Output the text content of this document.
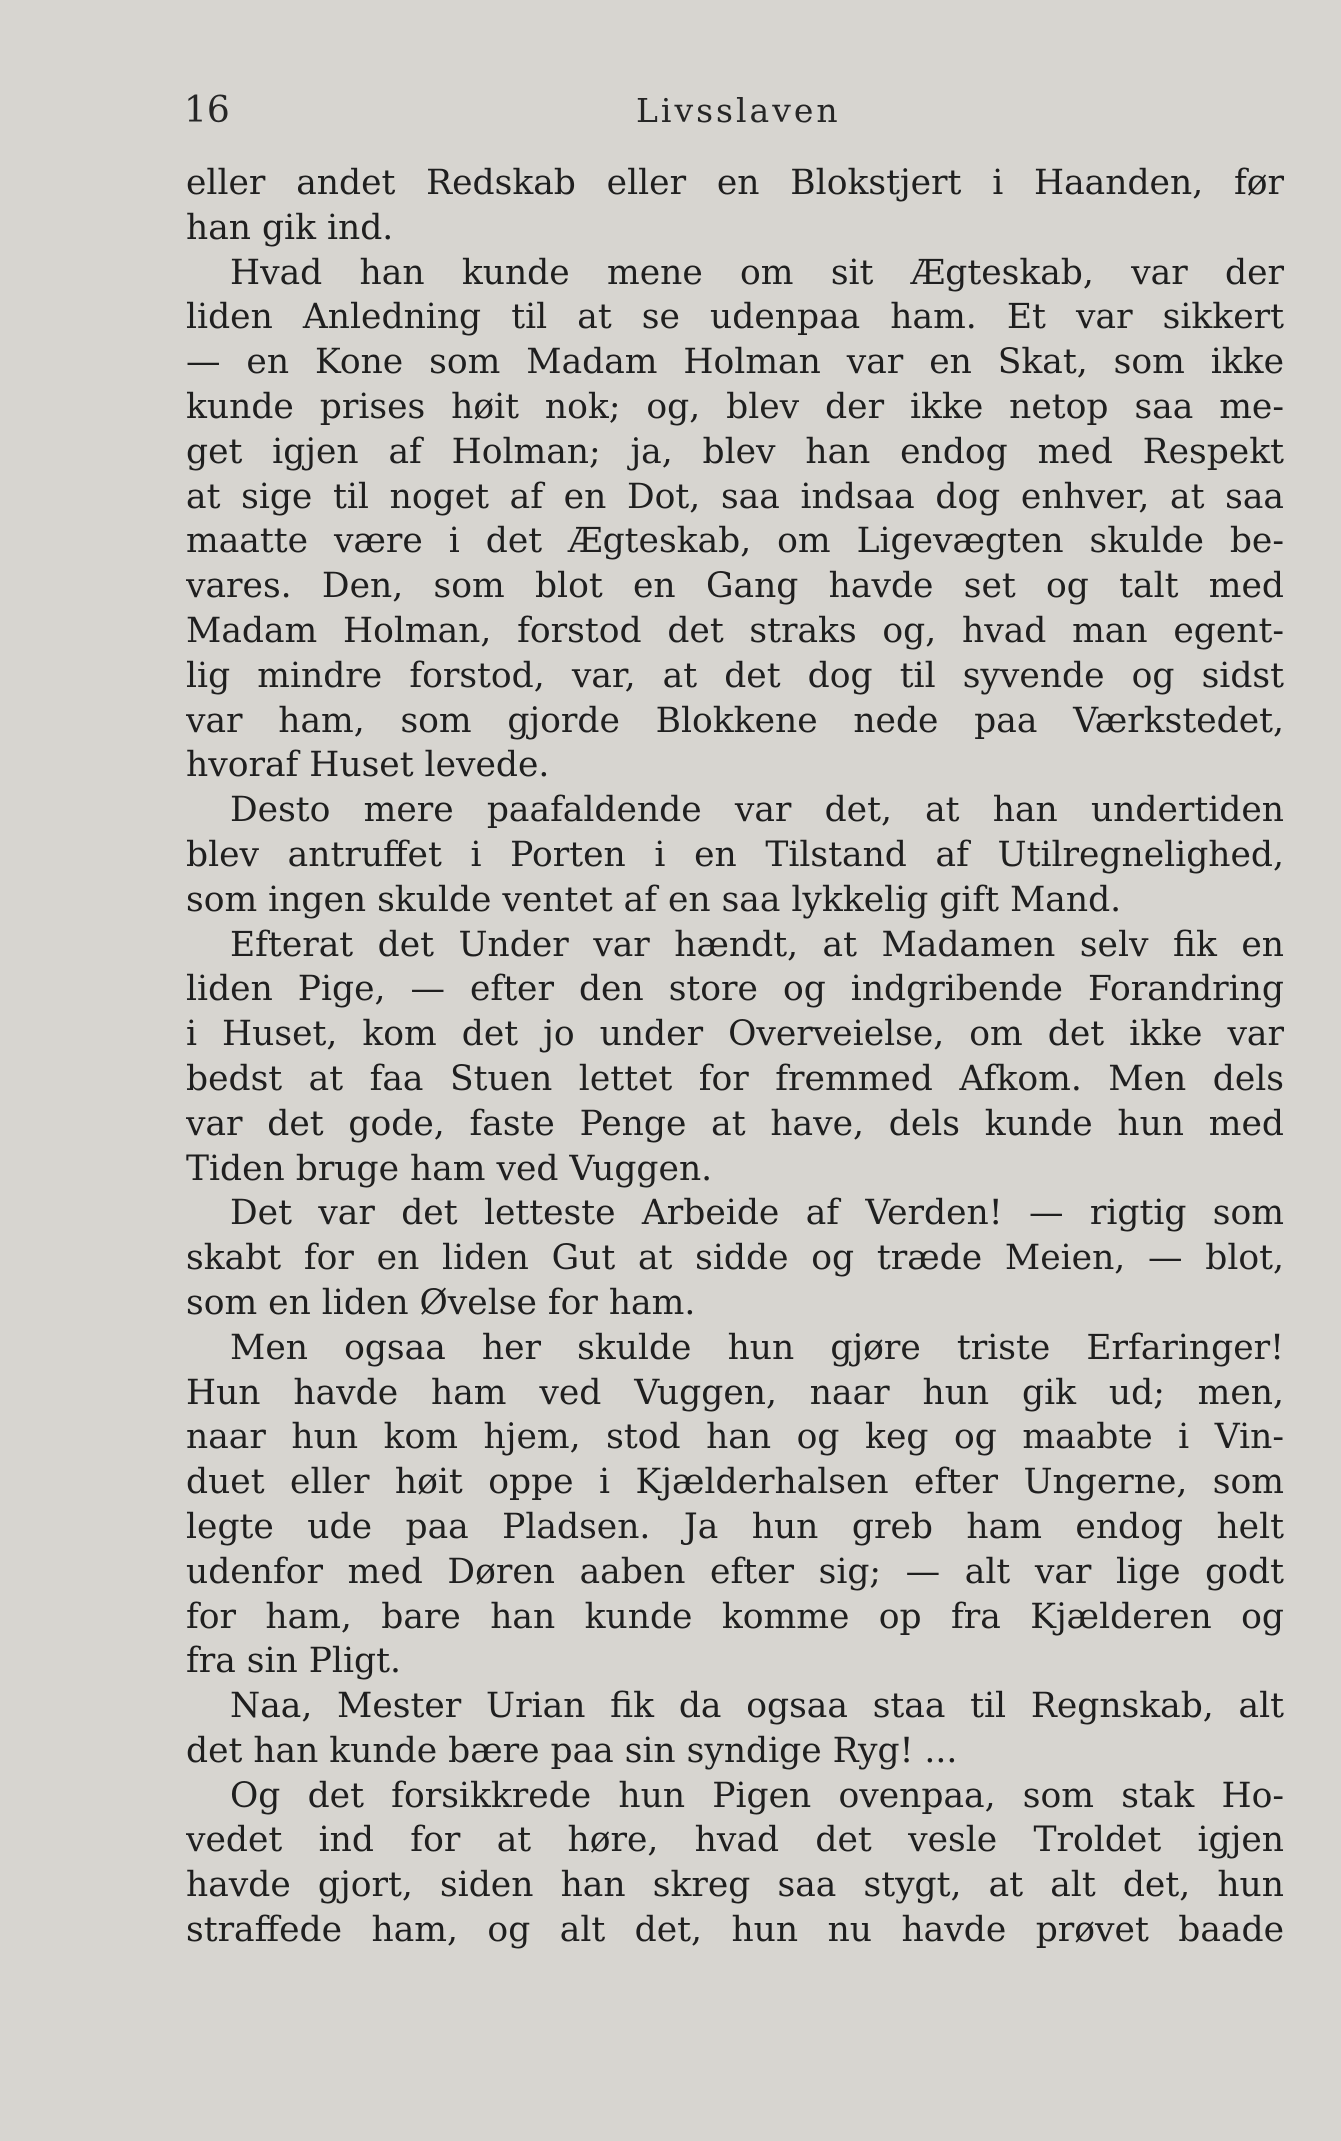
16	Livsslaven
eller andet Redskab eller en Blokstjert i Haanden, før
han gik ind.
Hvad han kunde mene om sit Ægteskab, var der
liden Anledning til at se udenpaa ham. Et var sikkert
— en Kone som Madam Holman var en Skat, som ikke
kunde prises høit nok; og, blev der ikke netop saa me-
get igjen af Holman; ja, blev han endog med Respekt
at sige til noget af en Dot, saa indsaa dog enhver, at saa
maatte være i det Ægteskab, om Ligevægten skulde be-
vares. Den, som blot en Gang havde set og talt med
Madam Holman, forstod det straks og, hvad man egent-
lig mindre forstod, var, at det dog til syvende og sidst
var ham, som gjorde Blokkene nede paa Værkstedet,
hvoraf Huset levede.
Desto mere paafaldende var det, at han undertiden
blev antruffet i Porten i en Tilstand af Utilregnelighed,
som ingen skulde ventet af en saa lykkelig gift Mand.
Efterat det Under var hændt, at Madamen selv fik en
liden Pige, — efter den store og indgribende Forandring
i Huset, kom det jo under Overveielse, om det ikke var
bedst at faa Stuen lettet for fremmed Afkom. Men dels
var det gode, faste Penge at have, dels kunde hun med
Tiden bruge ham ved Vuggen.
Det var det letteste Arbeide af Verden! — rigtig som
skabt for en liden Gut at sidde og træde Meien, — blot,
som en liden Øvelse for ham.
Men ogsaa her skulde hun gjøre triste Erfaringer!
Hun havde ham ved Vuggen, naar hun gik ud; men,
naar hun kom hjem, stod han og keg og maabte i Vin-
duet eller høit oppe i Kjælderhalsen efter Ungerne, som
legte ude paa Pladsen. Ja hun greb ham endog helt
udenfor med Døren aaben efter sig; — alt var lige godt
for ham, bare han kunde komme op fra Kjælderen og
fra sin Pligt.
Naa, Mester Urian fik da ogsaa staa til Regnskab, alt
det han kunde bære paa sin syndige Ryg! ...
Og det forsikkrede hun Pigen ovenpaa, som stak Ho-
vedet ind for at høre, hvad det vesle Troldet igjen
havde gjort, siden han skreg saa stygt, at alt det, hun
straffede ham, og alt det, hun nu havde prøvet baade
